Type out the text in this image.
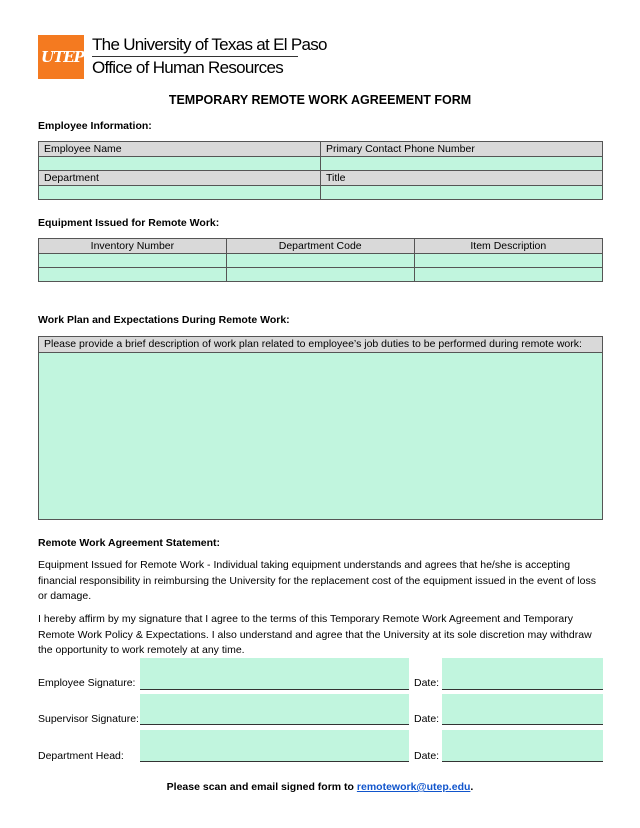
UTEP
The University of Texas at El Paso
Office of Human Resources
TEMPORARY REMOTE WORK AGREEMENT FORM
Employee Information:
Employee Name	Primary Contact Phone Number

Department	Title

Equipment Issued for Remote Work:
Inventory Number	Department Code	Item Description

Work Plan and Expectations During Remote Work:
Please provide a brief description of work plan related to employee’s job duties to be performed during remote work:
Remote Work Agreement Statement:
Equipment Issued for Remote Work - Individual taking equipment understands and agrees that he/she is accepting financial responsibility in reimbursing the University for the replacement cost of the equipment issued in the event of loss or damage.
I hereby affirm by my signature that I agree to the terms of this Temporary Remote Work Agreement and Temporary Remote Work Policy & Expectations. I also understand and agree that the University at its sole discretion may withdraw the opportunity to work remotely at any time.
Employee Signature:	Date:
Supervisor Signature:	Date:
Department Head:	Date:
Please scan and email signed form to remotework@utep.edu.
